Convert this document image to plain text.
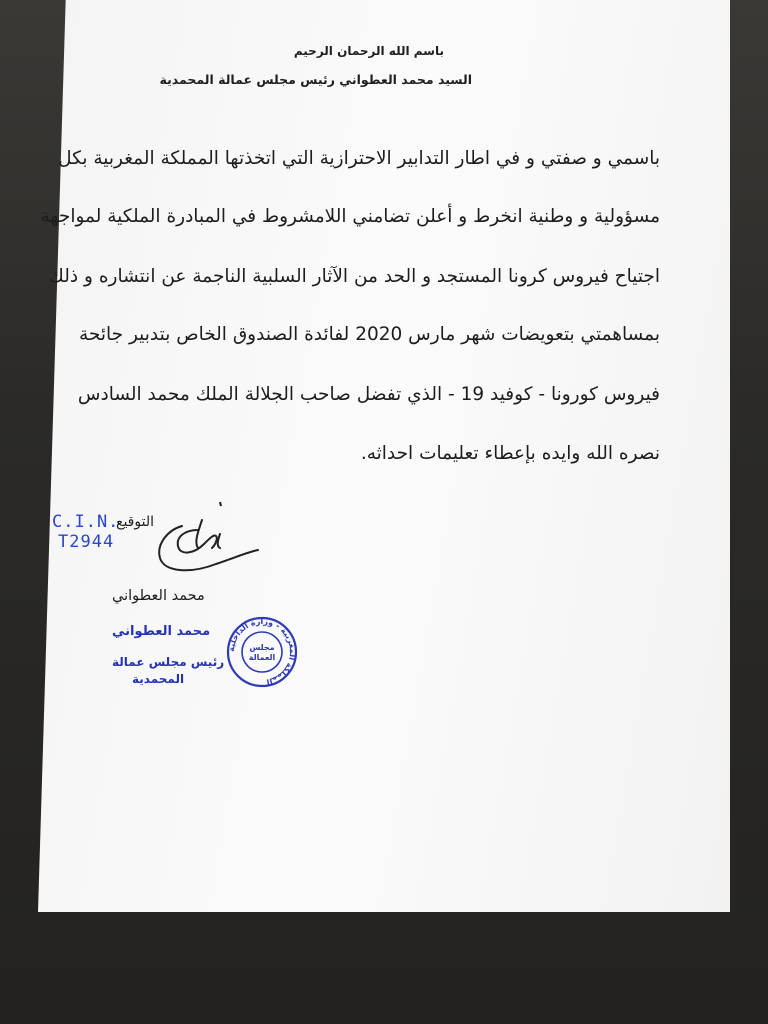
باسم الله الرحمان الرحيم
السيد محمد العطواني رئيس مجلس عمالة المحمدية
باسمي و صفتي و في اطار التدابير الاحترازية التي اتخذتها المملكة المغربية بكل
مسؤولية و وطنية انخرط و أعلن تضامني اللامشروط في المبادرة الملكية لمواجهة
اجتياح فيروس كرونا المستجد و الحد من الآثار السلبية الناجمة عن انتشاره و ذلك
بمساهمتي بتعويضات شهر مارس 2020 لفائدة الصندوق الخاص بتدبير جائحة
فيروس كورونا - كوفيد 19 - الذي تفضل صاحب الجلالة الملك محمد السادس
نصره الله وايده بإعطاء تعليمات احداثه.
التوقيع
C.I.N.
T2944
محمد العطواني
محمد العطواني
رئيس مجلس عمالة
المحمدية
المملكة المغربية - وزارة الداخلية
مجلس
العمالة
